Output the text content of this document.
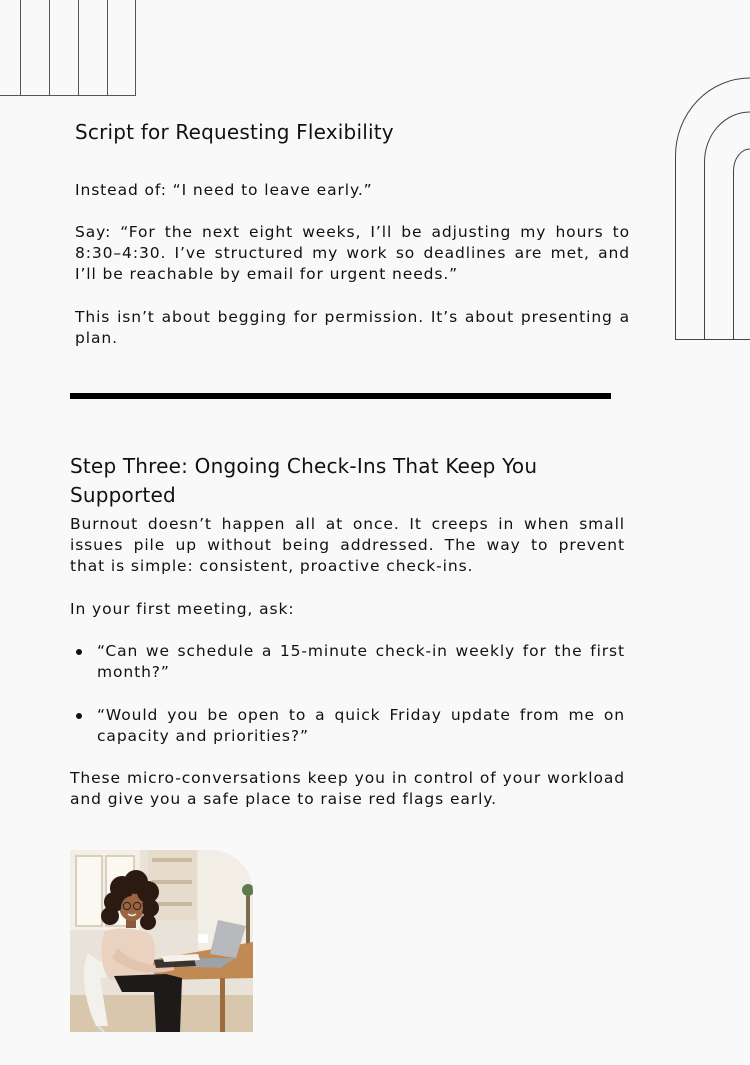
Script for Requesting Flexibility

Instead of: “I need to leave early.”

Say: “For the next eight weeks, I’ll be adjusting my hours to 8:30–4:30. I’ve structured my work so deadlines are met, and I’ll be reachable by email for urgent needs.”

This isn’t about begging for permission. It’s about presenting a plan.

Step Three: Ongoing Check-Ins That Keep You Supported

Burnout doesn’t happen all at once. It creeps in when small issues pile up without being addressed. The way to prevent that is simple: consistent, proactive check-ins.

In your first meeting, ask:

“Can we schedule a 15-minute check-in weekly for the first month?”
“Would you be open to a quick Friday update from me on capacity and priorities?”

These micro-conversations keep you in control of your workload and give you a safe place to raise red flags early.
